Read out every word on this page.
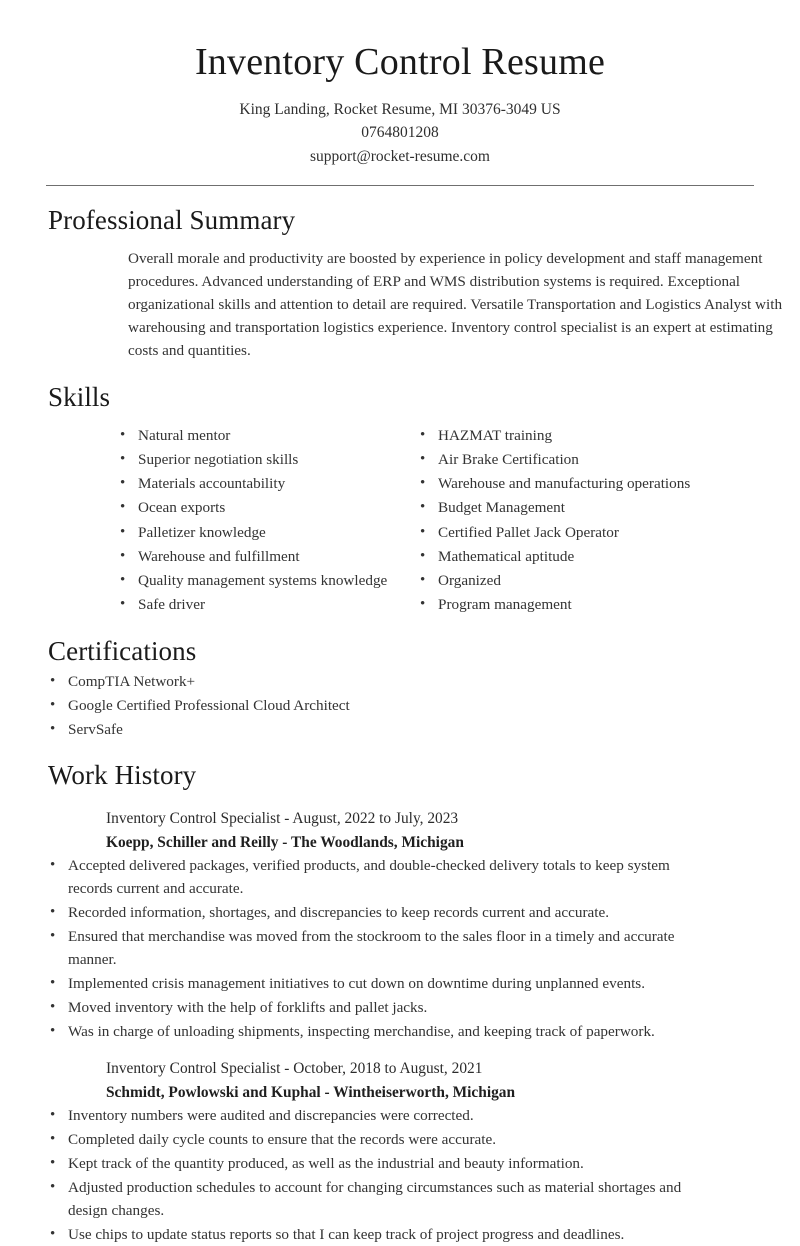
Inventory Control Resume
King Landing, Rocket Resume, MI 30376-3049 US
0764801208
support@rocket-resume.com
Professional Summary

Overall morale and productivity are boosted by experience in policy development and staff management procedures. Advanced understanding of ERP and WMS distribution systems is required. Exceptional organizational skills and attention to detail are required. Versatile Transportation and Logistics Analyst with warehousing and transportation logistics experience. Inventory control specialist is an expert at estimating costs and quantities.

Skills
• Natural mentor
• Superior negotiation skills
• Materials accountability
• Ocean exports
• Palletizer knowledge
• Warehouse and fulfillment
• Quality management systems knowledge
• Safe driver
• HAZMAT training
• Air Brake Certification
• Warehouse and manufacturing operations
• Budget Management
• Certified Pallet Jack Operator
• Mathematical aptitude
• Organized
• Program management
Certifications
• CompTIA Network+
• Google Certified Professional Cloud Architect
• ServSafe
Work History
Inventory Control Specialist - August, 2022 to July, 2023
Koepp, Schiller and Reilly - The Woodlands, Michigan
• Accepted delivered packages, verified products, and double-checked delivery totals to keep system records current and accurate.
• Recorded information, shortages, and discrepancies to keep records current and accurate.
• Ensured that merchandise was moved from the stockroom to the sales floor in a timely and accurate manner.
• Implemented crisis management initiatives to cut down on downtime during unplanned events.
• Moved inventory with the help of forklifts and pallet jacks.
• Was in charge of unloading shipments, inspecting merchandise, and keeping track of paperwork.
Inventory Control Specialist - October, 2018 to August, 2021
Schmidt, Powlowski and Kuphal - Wintheiserworth, Michigan
• Inventory numbers were audited and discrepancies were corrected.
• Completed daily cycle counts to ensure that the records were accurate.
• Kept track of the quantity produced, as well as the industrial and beauty information.
• Adjusted production schedules to account for changing circumstances such as material shortages and design changes.
• Use chips to update status reports so that I can keep track of project progress and deadlines.
